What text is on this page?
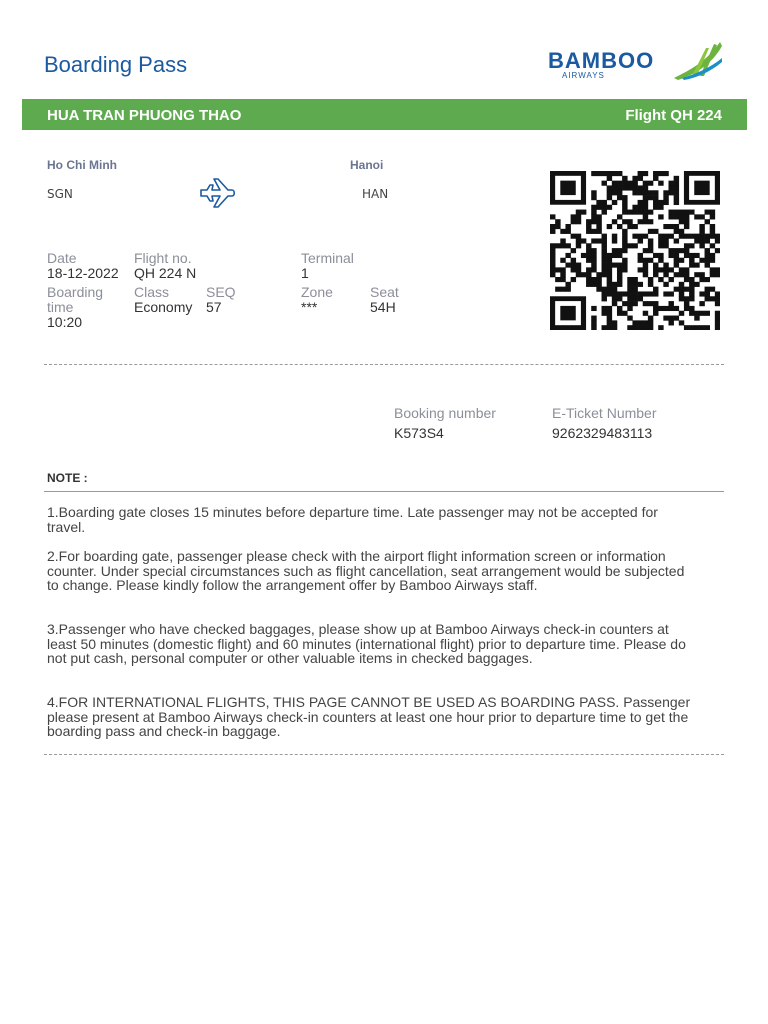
Boarding Pass	BAMBOO
AIRWAYS
HUA TRAN PHUONG THAO	Flight QH 224
Ho Chi Minh
SGN
Hanoi
HAN
Date
18-12-2022
Flight no.
QH 224 N
Terminal
1
Boarding
time
10:20
Class
Economy
SEQ
57
Zone
***
Seat
54H
Booking number
K573S4
E-Ticket Number
9262329483113
NOTE :
1.Boarding gate closes 15 minutes before departure time. Late passenger may not be accepted for travel.
2.For boarding gate, passenger please check with the airport flight information screen or information counter. Under special circumstances such as flight cancellation, seat arrangement would be subjected to change. Please kindly follow the arrangement offer by Bamboo Airways staff.
3.Passenger who have checked baggages, please show up at Bamboo Airways check-in counters at least 50 minutes (domestic flight) and 60 minutes (international flight) prior to departure time. Please do not put cash, personal computer or other valuable items in checked baggages.
4.FOR INTERNATIONAL FLIGHTS, THIS PAGE CANNOT BE USED AS BOARDING PASS. Passenger please present at Bamboo Airways check-in counters at least one hour prior to departure time to get the boarding pass and check-in baggage.
